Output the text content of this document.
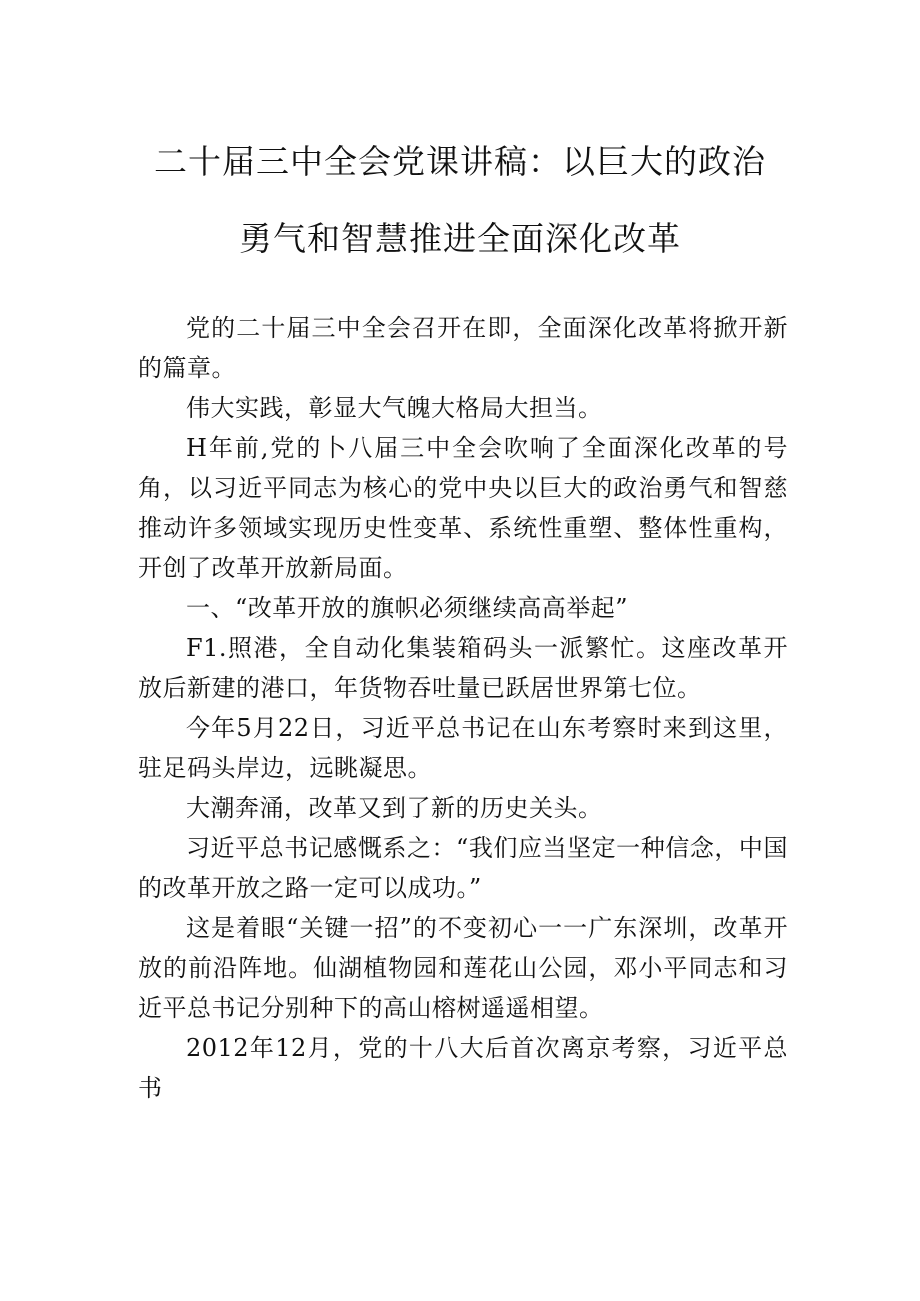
二十届三中全会党课讲稿：以巨大的政治
勇气和智慧推进全面深化改革

党的二十届三中全会召开在即，全面深化改革将掀开新的篇章。

伟大实践，彰显大气魄大格局大担当。

H年前,党的卜八届三中全会吹响了全面深化改革的号角，以习近平同志为核心的党中央以巨大的政治勇气和智慈推动许多领域实现历史性变革、系统性重塑、整体性重构，开创了改革开放新局面。

一、“改革开放的旗帜必须继续高高举起”

F1.照港，全自动化集装箱码头一派繁忙。这座改革开放后新建的港口，年货物吞吐量已跃居世界第七位。

今年5月22日，习近平总书记在山东考察时来到这里，驻足码头岸边，远眺凝思。

大潮奔涌，改革又到了新的历史关头。

习近平总书记感慨系之：“我们应当坚定一种信念，中国的改革开放之路一定可以成功。”

这是着眼“关键一招”的不变初心一一广东深圳，改革开放的前沿阵地。仙湖植物园和莲花山公园，邓小平同志和习近平总书记分别种下的高山榕树遥遥相望。

2012年12月，党的十八大后首次离京考察，习近平总书
